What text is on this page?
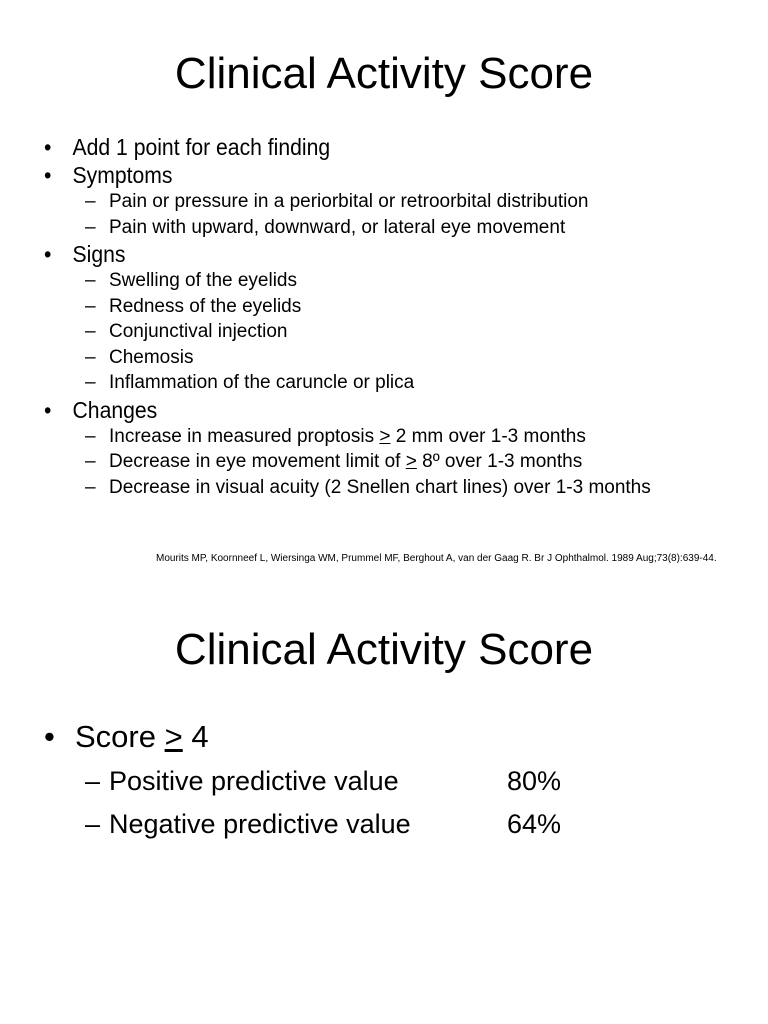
Clinical Activity Score
• Add 1 point for each finding
• Symptoms
– Pain or pressure in a periorbital or retroorbital distribution
– Pain with upward, downward, or lateral eye movement
• Signs
– Swelling of the eyelids
– Redness of the eyelids
– Conjunctival injection
– Chemosis
– Inflammation of the caruncle or plica
• Changes
– Increase in measured proptosis ≥ 2 mm over 1-3 months
– Decrease in eye movement limit of ≥ 8º over 1-3 months
– Decrease in visual acuity (2 Snellen chart lines) over 1-3 months
Mourits MP, Koornneef L, Wiersinga WM, Prummel MF, Berghout A, van der Gaag R. Br J Ophthalmol. 1989 Aug;73(8):639-44.
Clinical Activity Score
• Score ≥ 4
– Positive predictive value	80%
– Negative predictive value	64%
